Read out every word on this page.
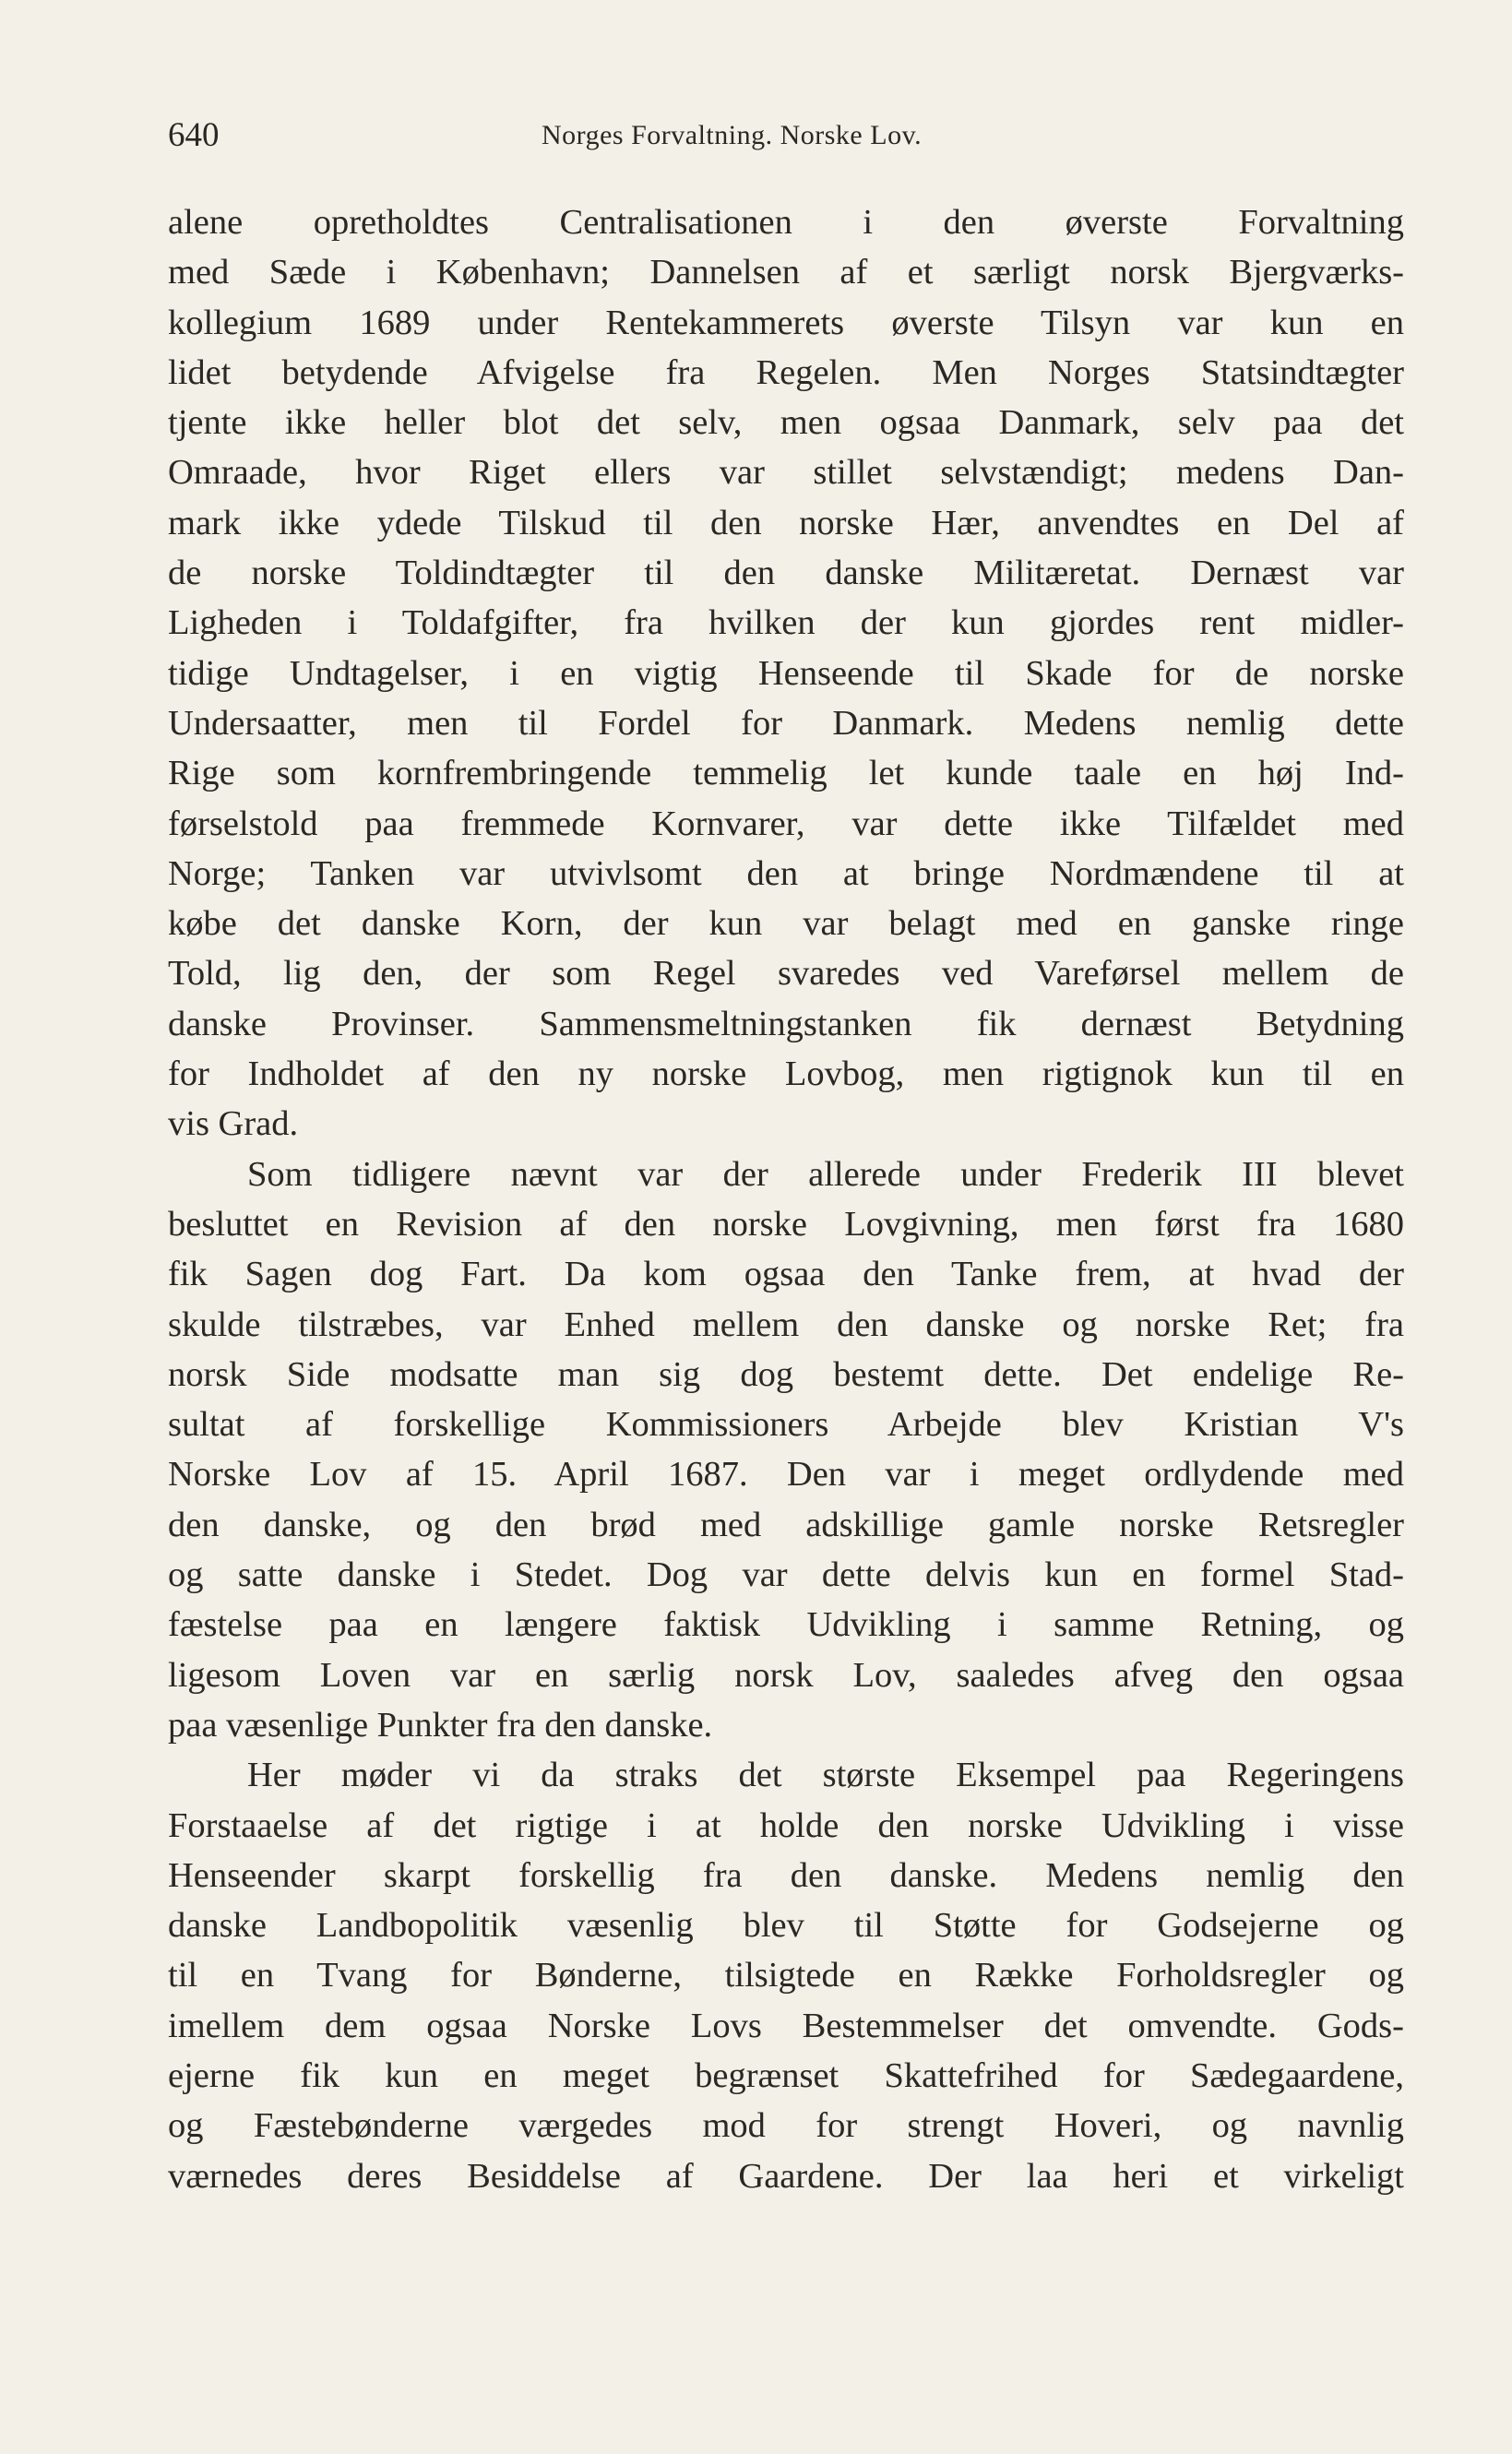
640	Norges Forvaltning. Norske Lov.
alene opretholdtes Centralisationen i den øverste Forvaltning
med Sæde i København; Dannelsen af et særligt norsk Bjergværks-
kollegium 1689 under Rentekammerets øverste Tilsyn var kun en
lidet betydende Afvigelse fra Regelen. Men Norges Statsindtægter
tjente ikke heller blot det selv, men ogsaa Danmark, selv paa det
Omraade, hvor Riget ellers var stillet selvstændigt; medens Dan-
mark ikke ydede Tilskud til den norske Hær, anvendtes en Del af
de norske Toldindtægter til den danske Militæretat. Dernæst var
Ligheden i Toldafgifter, fra hvilken der kun gjordes rent midler-
tidige Undtagelser, i en vigtig Henseende til Skade for de norske
Undersaatter, men til Fordel for Danmark. Medens nemlig dette
Rige som kornfrembringende temmelig let kunde taale en høj Ind-
førselstold paa fremmede Kornvarer, var dette ikke Tilfældet med
Norge; Tanken var utvivlsomt den at bringe Nordmændene til at
købe det danske Korn, der kun var belagt med en ganske ringe
Told, lig den, der som Regel svaredes ved Vareførsel mellem de
danske Provinser. Sammensmeltningstanken fik dernæst Betydning
for Indholdet af den ny norske Lovbog, men rigtignok kun til en
vis Grad.
Som tidligere nævnt var der allerede under Frederik III blevet
besluttet en Revision af den norske Lovgivning, men først fra 1680
fik Sagen dog Fart. Da kom ogsaa den Tanke frem, at hvad der
skulde tilstræbes, var Enhed mellem den danske og norske Ret; fra
norsk Side modsatte man sig dog bestemt dette. Det endelige Re-
sultat af forskellige Kommissioners Arbejde blev Kristian V's
Norske Lov af 15. April 1687. Den var i meget ordlydende med
den danske, og den brød med adskillige gamle norske Retsregler
og satte danske i Stedet. Dog var dette delvis kun en formel Stad-
fæstelse paa en længere faktisk Udvikling i samme Retning, og
ligesom Loven var en særlig norsk Lov, saaledes afveg den ogsaa
paa væsenlige Punkter fra den danske.
Her møder vi da straks det største Eksempel paa Regeringens
Forstaaelse af det rigtige i at holde den norske Udvikling i visse
Henseender skarpt forskellig fra den danske. Medens nemlig den
danske Landbopolitik væsenlig blev til Støtte for Godsejerne og
til en Tvang for Bønderne, tilsigtede en Række Forholdsregler og
imellem dem ogsaa Norske Lovs Bestemmelser det omvendte. Gods-
ejerne fik kun en meget begrænset Skattefrihed for Sædegaardene,
og Fæstebønderne værgedes mod for strengt Hoveri, og navnlig
værnedes deres Besiddelse af Gaardene. Der laa heri et virkeligt
